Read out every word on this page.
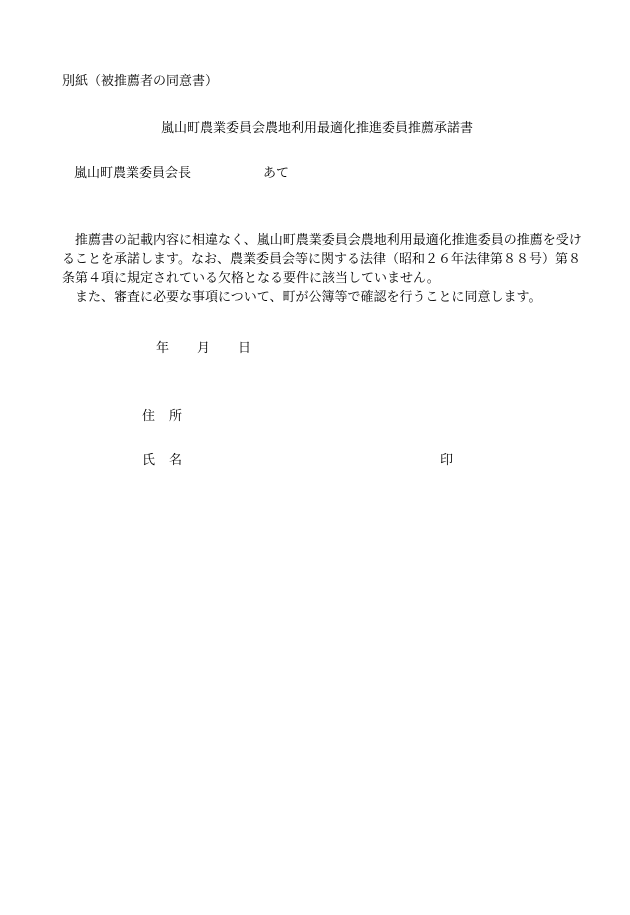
別紙（被推薦者の同意書）
嵐山町農業委員会農地利用最適化推進委員推薦承諾書
嵐山町農業委員会長	あて

推薦書の記載内容に相違なく、嵐山町農業委員会農地利用最適化推進委員の推薦を受けることを承諾します。なお、農業委員会等に関する法律（昭和２６年法律第８８号）第８条第４項に規定されている欠格となる要件に該当していません。

また、審査に必要な事項について、町が公簿等で確認を行うことに同意します。

年 月 日
住 所
氏 名	印
